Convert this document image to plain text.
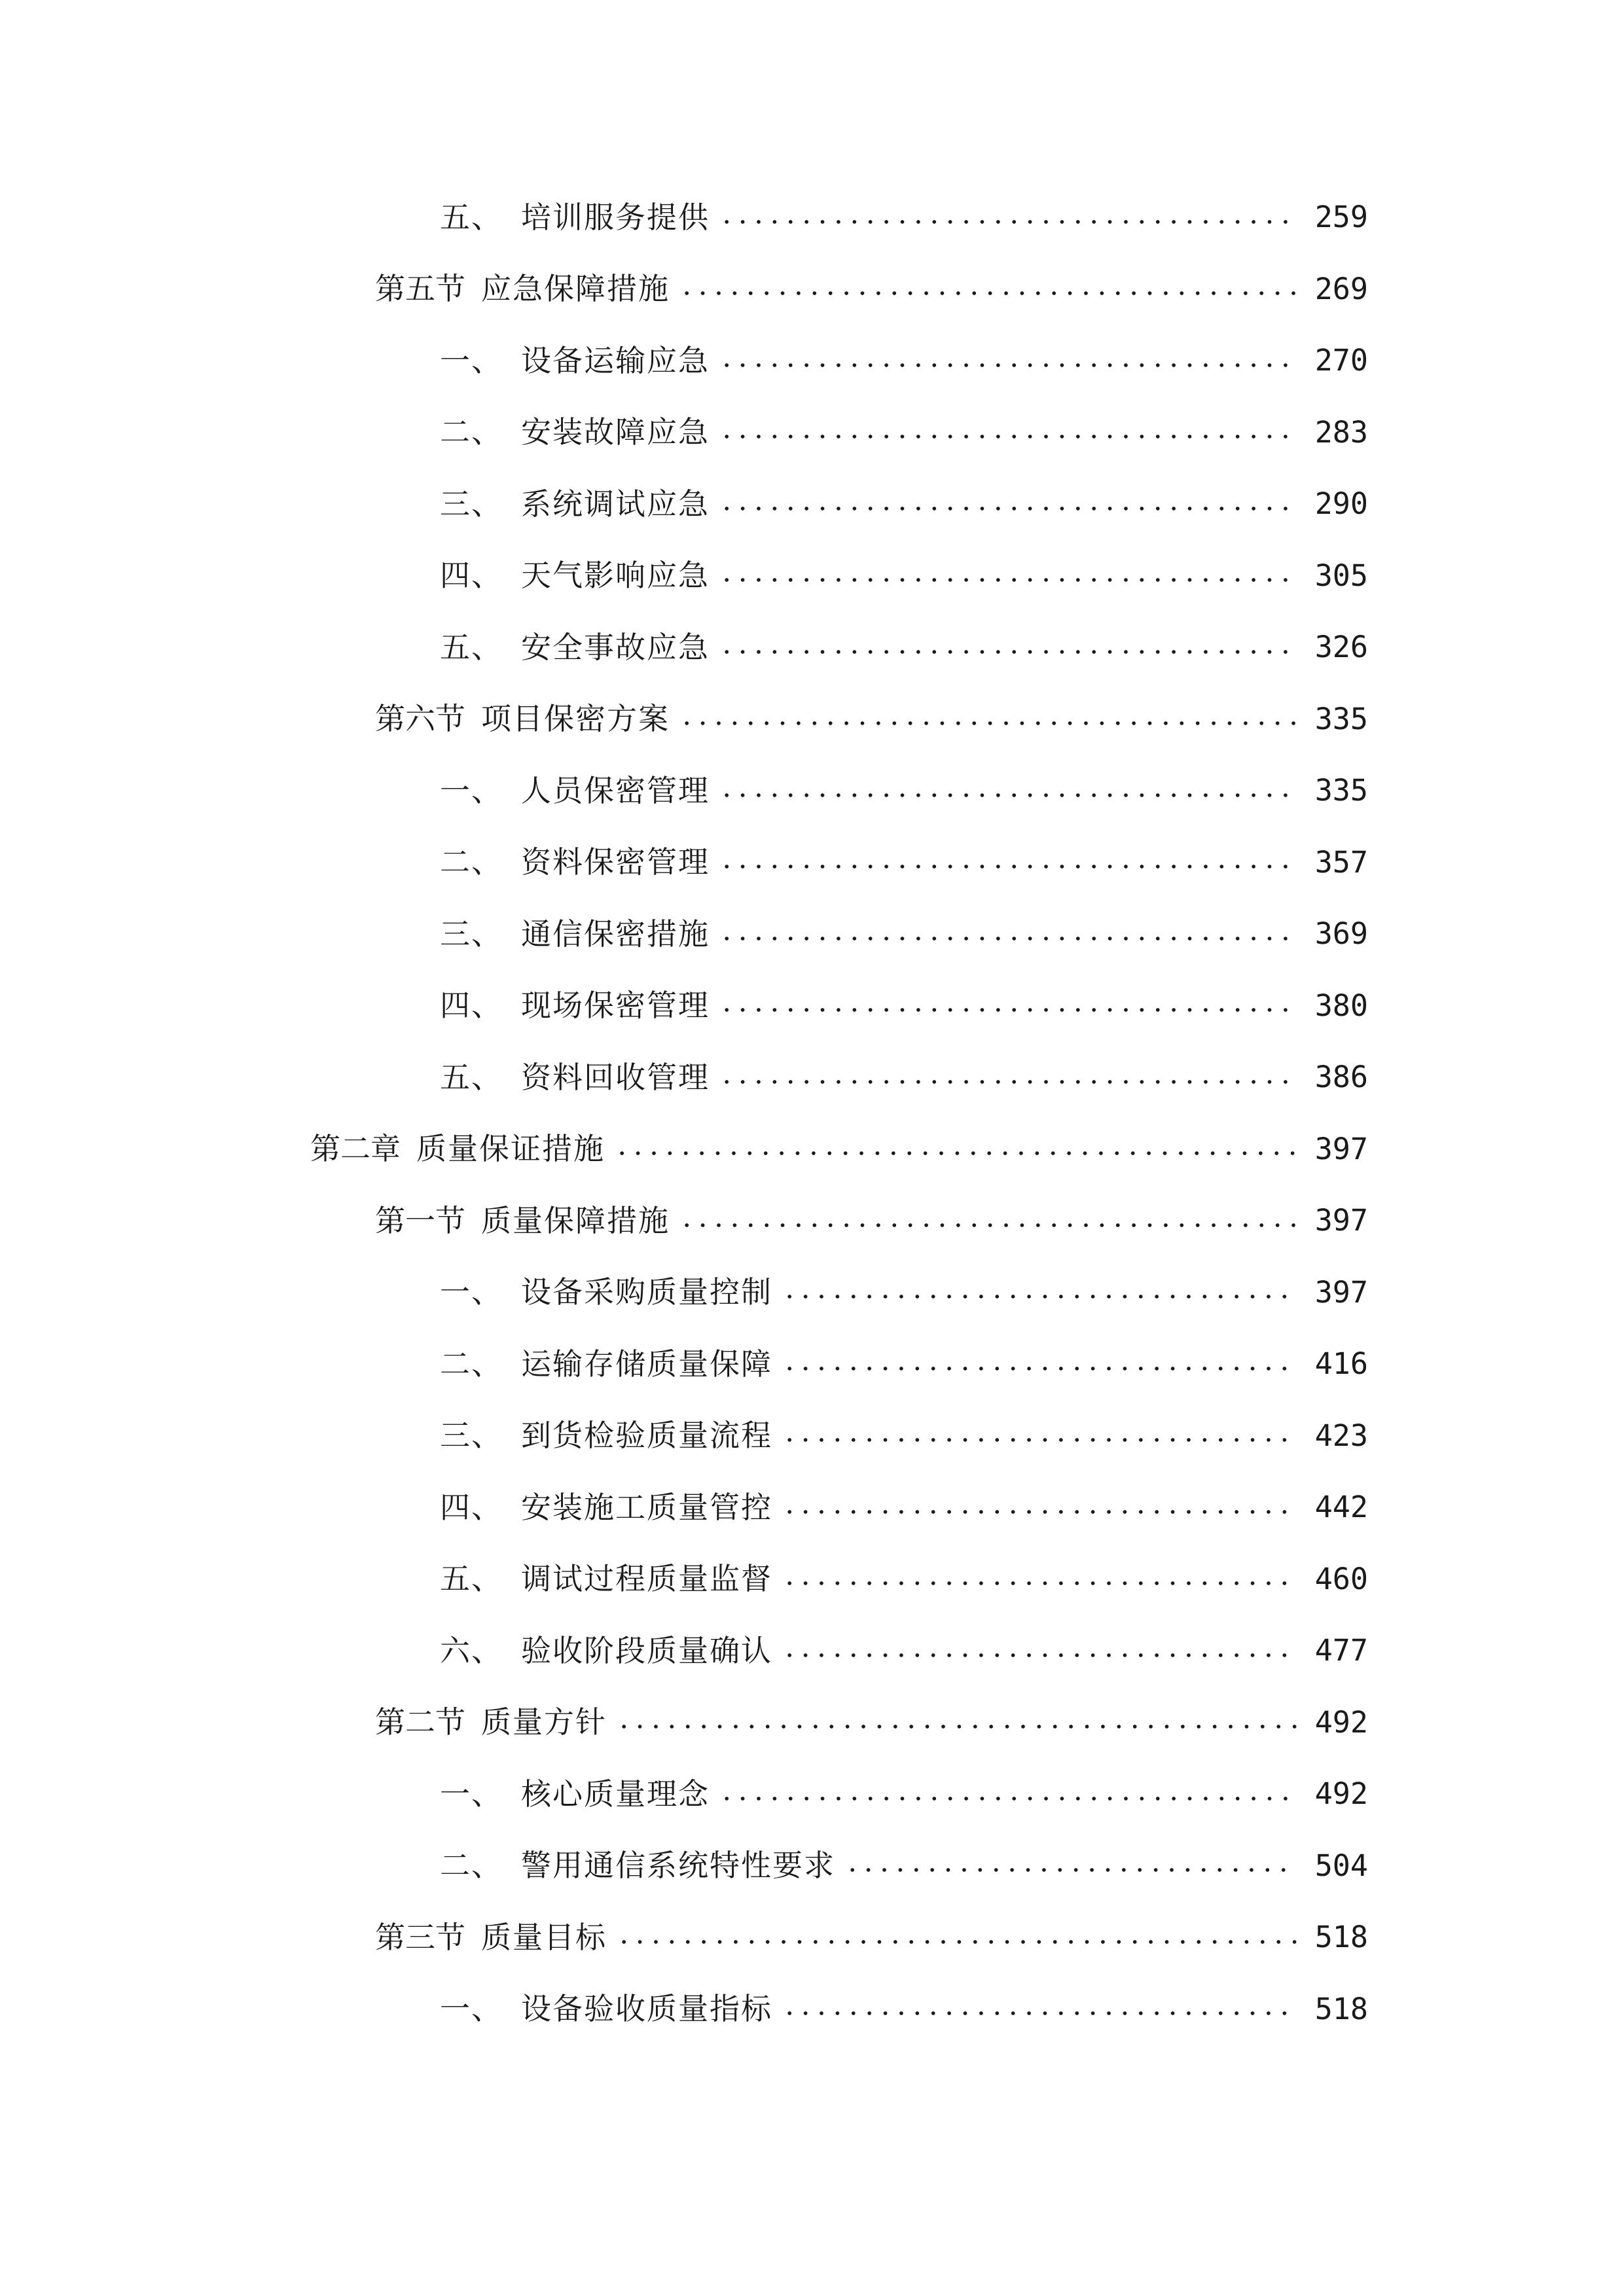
五、 培训服务提供	259
第五节 应急保障措施	269
一、 设备运输应急	270
二、 安装故障应急	283
三、 系统调试应急	290
四、 天气影响应急	305
五、 安全事故应急	326
第六节 项目保密方案	335
一、 人员保密管理	335
二、 资料保密管理	357
三、 通信保密措施	369
四、 现场保密管理	380
五、 资料回收管理	386
第二章 质量保证措施	397
第一节 质量保障措施	397
一、 设备采购质量控制	397
二、 运输存储质量保障	416
三、 到货检验质量流程	423
四、 安装施工质量管控	442
五、 调试过程质量监督	460
六、 验收阶段质量确认	477
第二节 质量方针	492
一、 核心质量理念	492
二、 警用通信系统特性要求	504
第三节 质量目标	518
一、 设备验收质量指标	518
